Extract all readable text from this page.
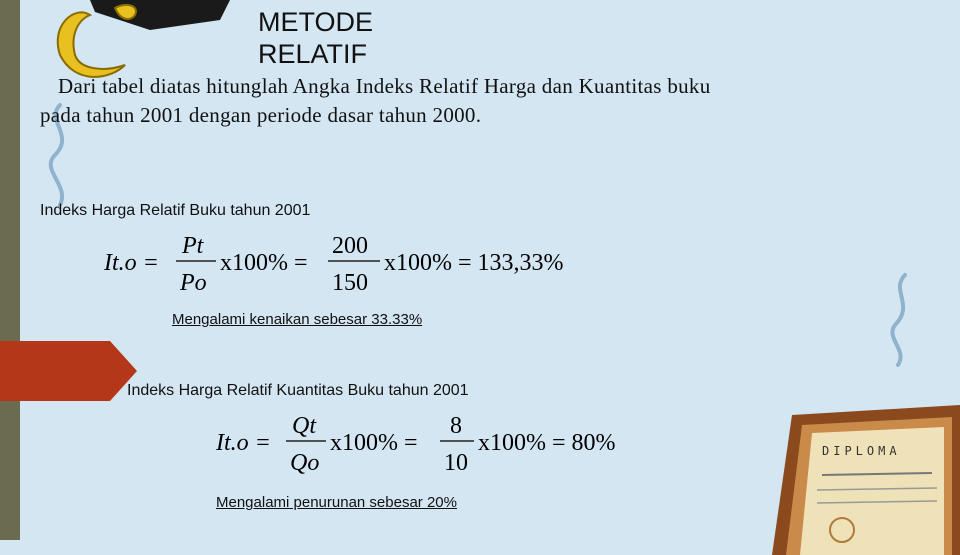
METODE
RELATIF
Dari tabel diatas hitunglah Angka Indeks Relatif Harga dan Kuantitas buku
pada tahun 2001 dengan periode dasar tahun 2000.
Indeks Harga Relatif Buku tahun 2001
It.o =
Pt
Po
x100% =
200
150
x100% = 133,33%
Mengalami kenaikan sebesar 33.33%
Indeks Harga Relatif Kuantitas Buku tahun 2001
It.o =
Qt
Qo
x100% =
8
10
x100% = 80%
Mengalami penurunan sebesar 20%
DIPLOMA
